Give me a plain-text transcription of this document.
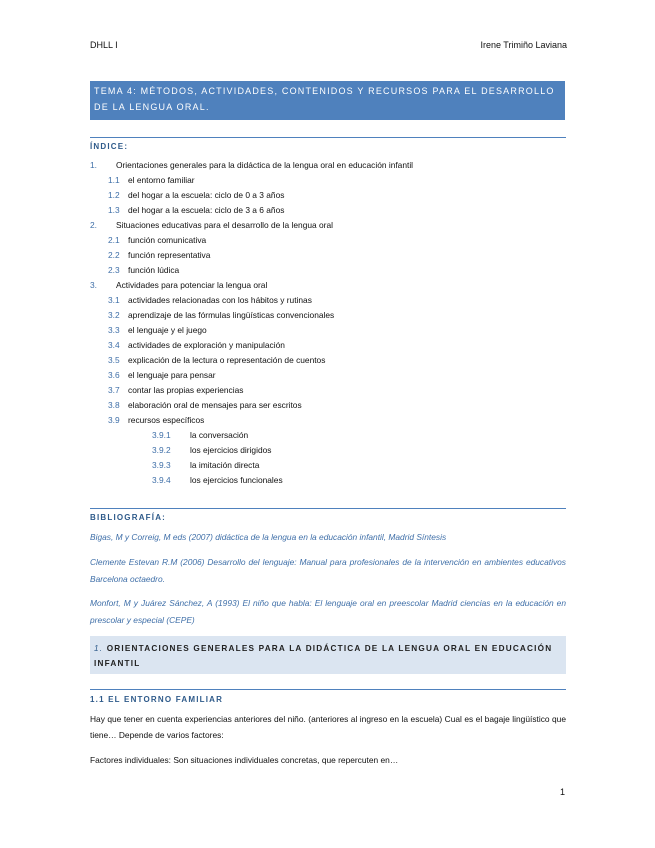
DHLL I	Irene Trimiño Laviana
TEMA 4: MÉTODOS, ACTIVIDADES, CONTENIDOS Y RECURSOS PARA EL DESARROLLO DE LA LENGUA ORAL.
ÍNDICE:
1. Orientaciones generales para la didáctica de la lengua oral en educación infantil
1.1 el entorno familiar
1.2 del hogar a la escuela: ciclo de 0 a 3 años
1.3 del hogar a la escuela: ciclo de 3 a 6 años
2. Situaciones educativas para el desarrollo de la lengua oral
2.1 función comunicativa
2.2 función representativa
2.3 función lúdica
3. Actividades para potenciar la lengua oral
3.1 actividades relacionadas con los hábitos y rutinas
3.2 aprendizaje de las fórmulas lingüísticas convencionales
3.3 el lenguaje y el juego
3.4 actividades de exploración y manipulación
3.5 explicación de la lectura o representación de cuentos
3.6 el lenguaje para pensar
3.7 contar las propias experiencias
3.8 elaboración oral de mensajes para ser escritos
3.9 recursos específicos
3.9.1 la conversación
3.9.2 los ejercicios dirigidos
3.9.3 la imitación directa
3.9.4 los ejercicios funcionales
BIBLIOGRAFÍA:
Bigas, M y Correig, M eds (2007) didáctica de la lengua en la educación infantil, Madrid Síntesis
Clemente Estevan R.M (2006) Desarrollo del lenguaje: Manual para profesionales de la intervención en ambientes educativos Barcelona octaedro.
Monfort, M y Juárez Sánchez, A (1993) El niño que habla: El lenguaje oral en preescolar Madrid ciencias en la educación en prescolar y especial (CEPE)
1. ORIENTACIONES GENERALES PARA LA DIDÁCTICA DE LA LENGUA ORAL EN EDUCACIÓN INFANTIL
1.1 EL ENTORNO FAMILIAR
Hay que tener en cuenta experiencias anteriores del niño. (anteriores al ingreso en la escuela) Cual es el bagaje lingüístico que tiene… Depende de varios factores:
Factores individuales: Son situaciones individuales concretas, que repercuten en…
1
